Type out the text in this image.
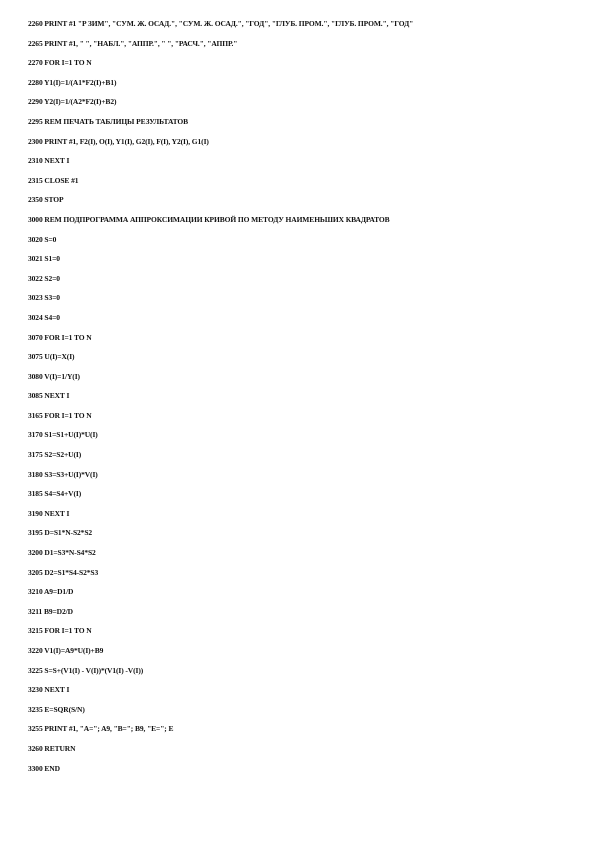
2260 PRINT #1 "P ЗИМ", "СУМ. Ж. ОСАД.", "СУМ. Ж. ОСАД.", "ГОД", "ГЛУБ. ПРОМ.", "ГЛУБ. ПРОМ.", "ГОД"
2265 PRINT #1, " ", "НАБЛ.", "АППР.", " ", "РАСЧ.", "АППР."
2270 FOR I=1 TO N
2280 Y1(I)=1/(A1*F2(I)+B1)
2290 Y2(I)=1/(A2*F2(I)+B2)
2295 REM ПЕЧАТЬ ТАБЛИЦЫ РЕЗУЛЬТАТОВ
2300 PRINT #1, F2(I), O(I), Y1(I), G2(I), F(I), Y2(I), G1(I)
2310 NEXT I
2315 CLOSE #1
2350 STOP
3000 REM ПОДПРОГРАММА АППРОКСИМАЦИИ КРИВОЙ ПО МЕТОДУ НАИМЕНЬШИХ КВАДРАТОВ
3020 S=0
3021 S1=0
3022 S2=0
3023 S3=0
3024 S4=0
3070 FOR I=1 TO N
3075 U(I)=X(I)
3080 V(I)=1/Y(I)
3085 NEXT I
3165 FOR I=1 TO N
3170 S1=S1+U(I)*U(I)
3175 S2=S2+U(I)
3180 S3=S3+U(I)*V(I)
3185 S4=S4+V(I)
3190 NEXT I
3195 D=S1*N-S2*S2
3200 D1=S3*N-S4*S2
3205 D2=S1*S4-S2*S3
3210 A9=D1/D
3211 B9=D2/D
3215 FOR I=1 TO N
3220 V1(I)=A9*U(I)+B9
3225 S=S+(V1(I) - V(I))*(V1(I) -V(I))
3230 NEXT I
3235 E=SQR(S/N)
3255 PRINT #1, "A="; A9, "B="; B9, "E="; E
3260 RETURN
3300 END
